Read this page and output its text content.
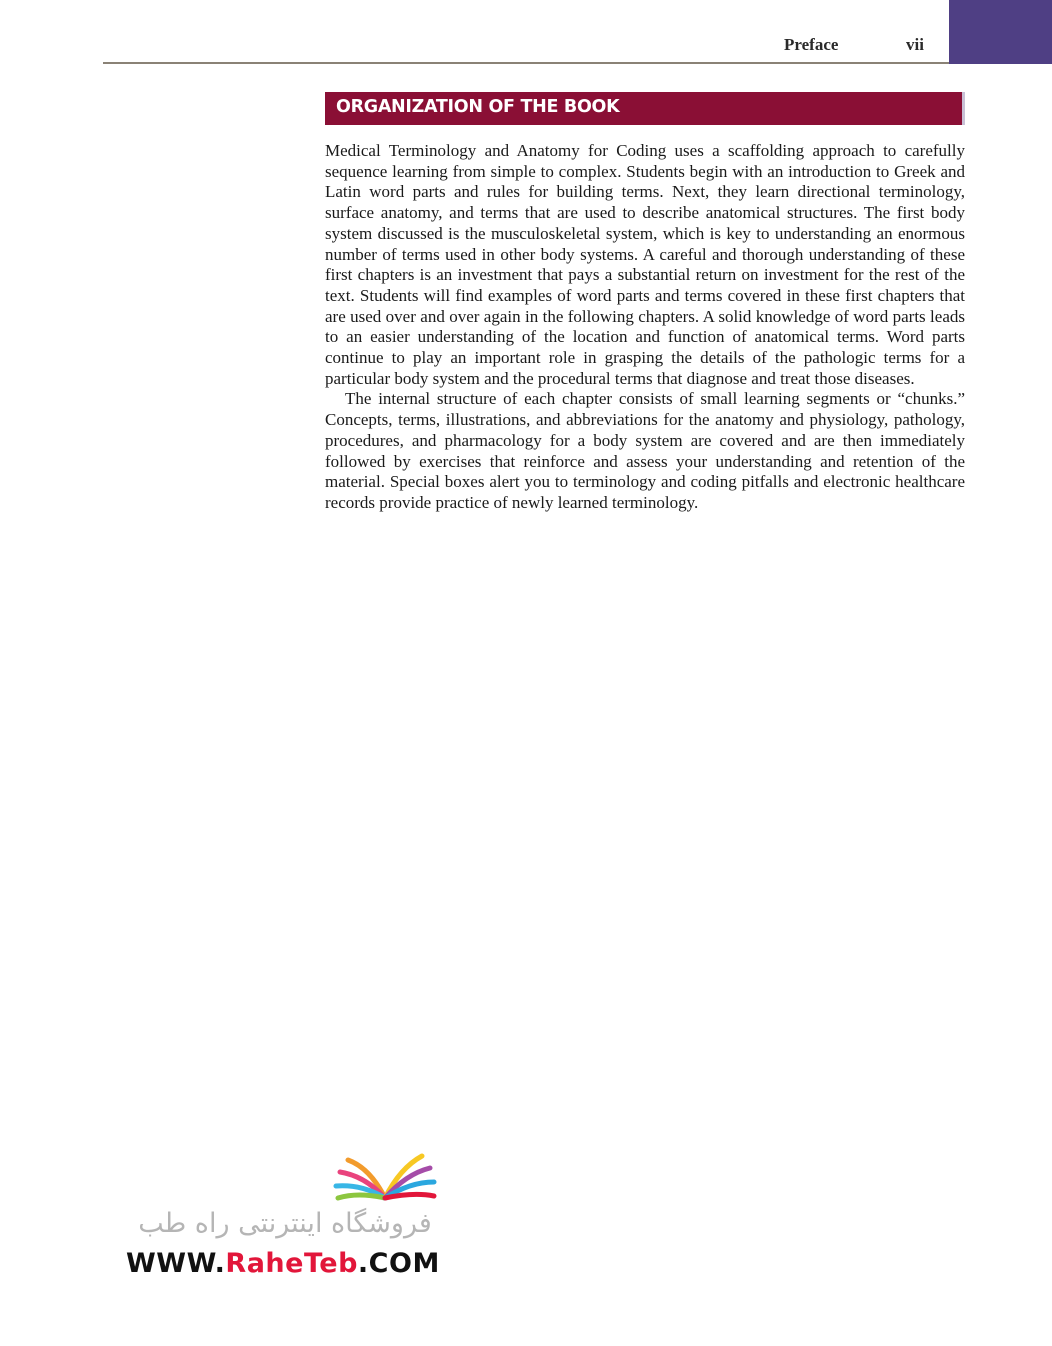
Preface	vii
ORGANIZATION OF THE BOOK

Medical Terminology and Anatomy for Coding uses a scaffolding approach to carefully sequence learning from simple to complex. Students begin with an introduction to Greek and Latin word parts and rules for building terms. Next, they learn directional terminology, surface anatomy, and terms that are used to describe anatomical structures. The first body system discussed is the musculoskeletal system, which is key to understanding an enormous number of terms used in other body systems. A careful and thorough understanding of these first chapters is an investment that pays a substantial return on investment for the rest of the text. Students will find examples of word parts and terms covered in these first chapters that are used over and over again in the following chapters. A solid knowledge of word parts leads to an easier understanding of the location and function of anatomical terms. Word parts continue to play an important role in grasping the details of the pathologic terms for a particular body system and the procedural terms that diagnose and treat those diseases.

The internal structure of each chapter consists of small learning segments or “chunks.” Concepts, terms, illustrations, and abbreviations for the anatomy and physiology, pathology, procedures, and pharmacology for a body system are covered and are then immediately followed by exercises that reinforce and assess your understanding and retention of the material. Special boxes alert you to terminology and coding pitfalls and electronic healthcare records provide practice of newly learned terminology.

فروشگاه اینترنتی راه طب
WWW.RaheTeb.COM
